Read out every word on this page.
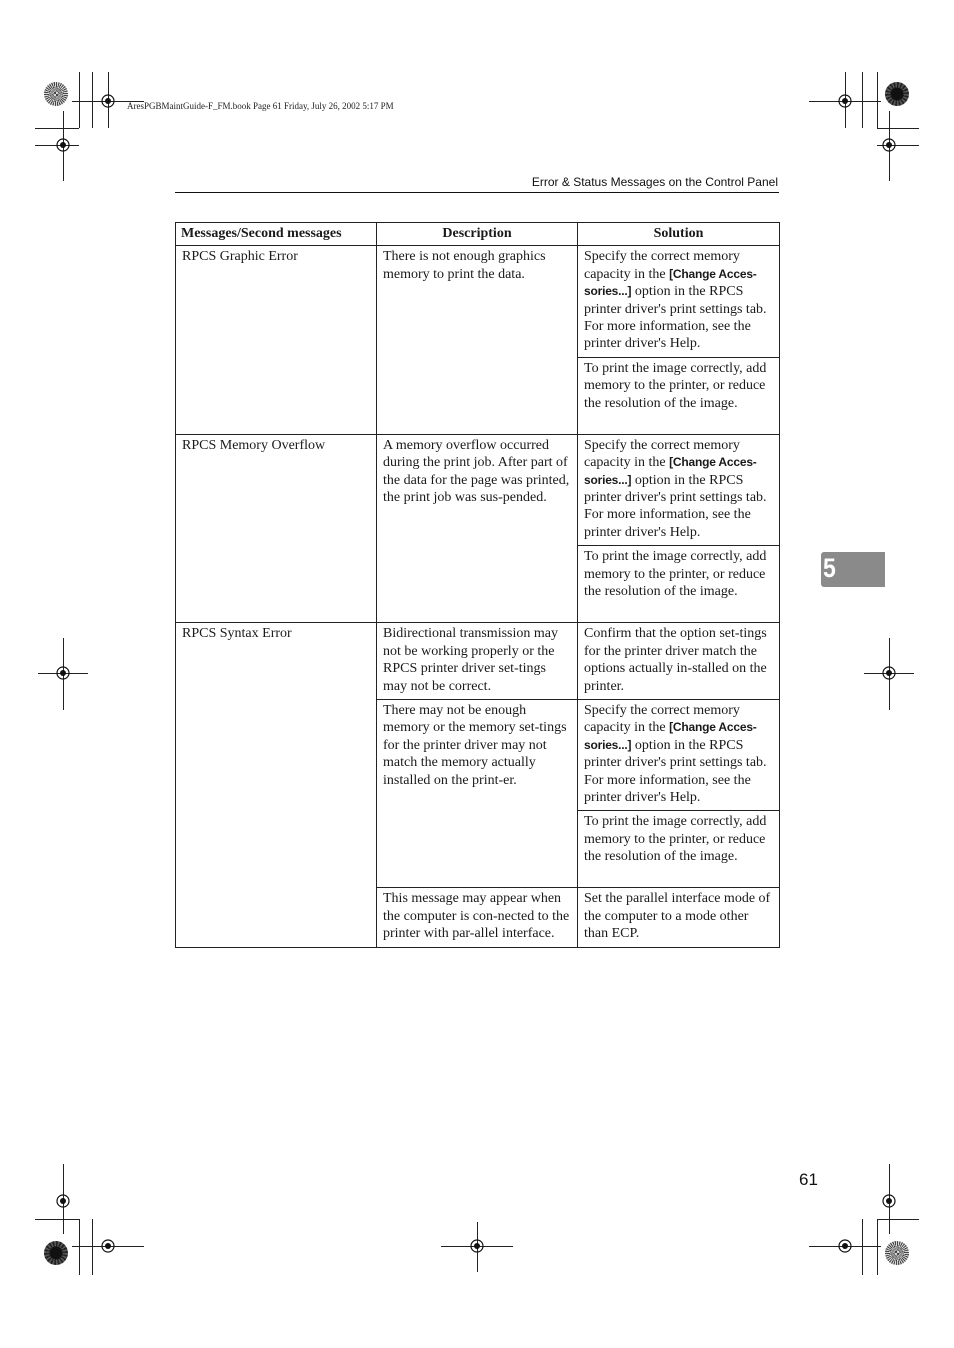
AresPGBMaintGuide-F_FM.book Page 61 Friday, July 26, 2002 5:17 PM
Error & Status Messages on the Control Panel
5
Messages/Second messages	Description	Solution
RPCS Graphic Error	There is not enough graphics memory to print the data.	Specify the correct memory capacity in the [Change Acces-sories...] option in the RPCS printer driver's print settings tab. For more information, see the printer driver's Help.
		To print the image correctly, add memory to the printer, or reduce the resolution of the image.
RPCS Memory Overflow	A memory overflow occurred during the print job. After part of the data for the page was printed, the print job was sus-pended.	Specify the correct memory capacity in the [Change Acces-sories...] option in the RPCS printer driver's print settings tab. For more information, see the printer driver's Help.
		To print the image correctly, add memory to the printer, or reduce the resolution of the image.
RPCS Syntax Error	Bidirectional transmission may not be working properly or the RPCS printer driver set-tings may not be correct.	Confirm that the option set-tings for the printer driver match the options actually in-stalled on the printer.
	There may not be enough memory or the memory set-tings for the printer driver may not match the memory actually installed on the print-er.	Specify the correct memory capacity in the [Change Acces-sories...] option in the RPCS printer driver's print settings tab. For more information, see the printer driver's Help.
		To print the image correctly, add memory to the printer, or reduce the resolution of the image.
	This message may appear when the computer is con-nected to the printer with par-allel interface.	Set the parallel interface mode of the computer to a mode other than ECP.
61
